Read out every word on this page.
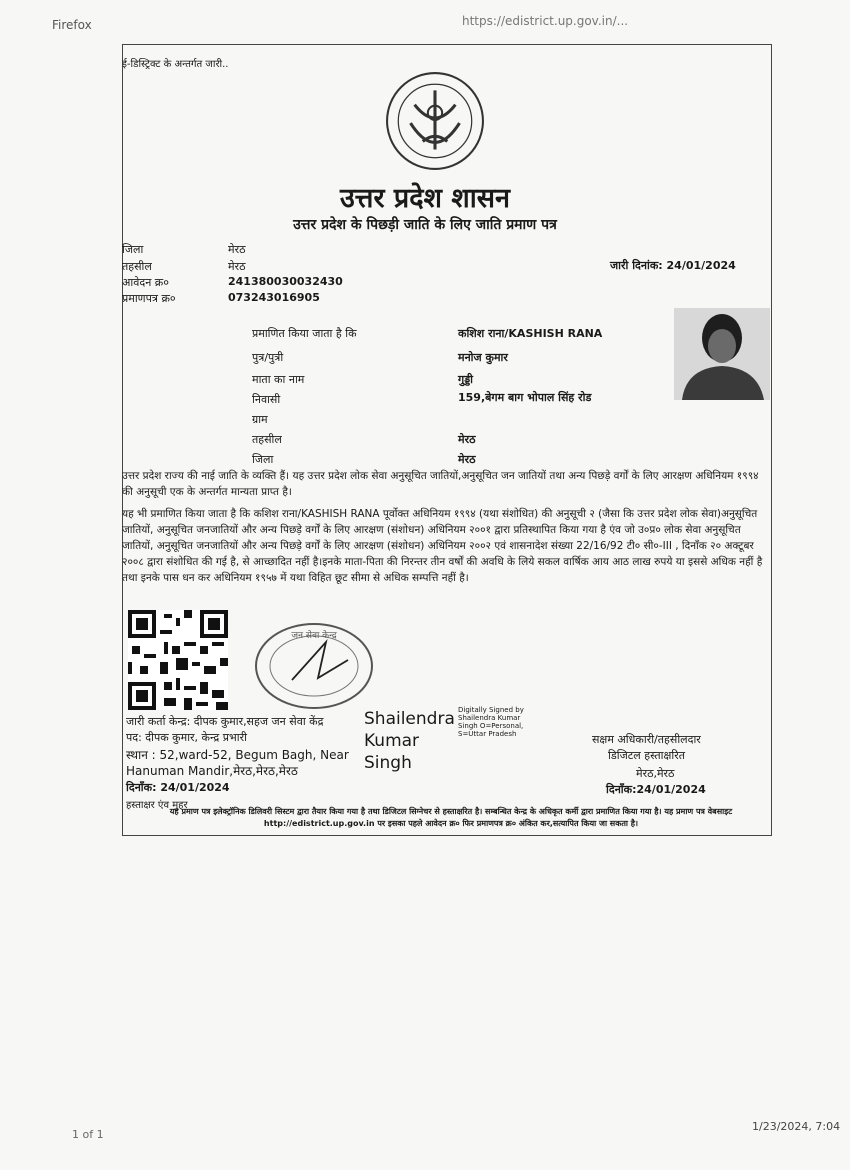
Firefox	https://edistrict.up.gov.in/...
ई-डिस्ट्रिक्ट के अन्तर्गत जारी..
उत्तर प्रदेश शासन
उत्तर प्रदेश के पिछड़ी जाति के लिए जाति प्रमाण पत्र
जिला	मेरठ
तहसील	मेरठ
आवेदन क्र०	241380030032430
प्रमाणपत्र क्र०	073243016905
जारी दिनांक: 24/01/2024
प्रमाणित किया जाता है कि	कशिश राना/KASHISH RANA
पुत्र/पुत्री	मनोज कुमार
माता का नाम	गुड्डी
निवासी	159,बेगम बाग भोपाल सिंह रोड
ग्राम
तहसील	मेरठ
जिला	मेरठ
उत्तर प्रदेश राज्य की नाई जाति के व्यक्ति हैं। यह उत्तर प्रदेश लोक सेवा अनुसूचित जातियों,अनुसूचित जन जातियों तथा अन्य पिछड़े वर्गों के लिए आरक्षण अधिनियम १९९४ की अनुसूची एक के अन्तर्गत मान्यता प्राप्त है।
यह भी प्रमाणित किया जाता है कि कशिश राना/KASHISH RANA पूर्वोक्त अधिनियम १९९४ (यथा संशोधित) की अनुसूची २ (जैसा कि उत्तर प्रदेश लोक सेवा)अनुसूचित जातियों, अनुसूचित जनजातियों और अन्य पिछड़े वर्गों के लिए आरक्षण (संशोधन) अधिनियम २००१ द्वारा प्रतिस्थापित किया गया है एंव जो उ०प्र० लोक सेवा अनुसूचित जातियों, अनुसूचित जनजातियों और अन्य पिछड़े वर्गों के लिए आरक्षण (संशोधन) अधिनियम २००२ एवं शासनादेश संख्या 22/16/92 टी० सी०-III , दिनाँक २० अक्टूबर २००८ द्वारा संशोधित की गई है, से आच्छादित नहीं है।इनके माता-पिता की निरन्तर तीन वर्षों की अवधि के लिये सकल वार्षिक आय आठ लाख रुपये या इससे अधिक नहीं है तथा इनके पास धन कर अधिनियम १९५७ में यथा विहित छूट सीमा से अधिक सम्पत्ति नहीं है।
जन सेवा केन्द्र
Shailendra Kumar Singh
Digitally Signed by Shailendra Kumar Singh O=Personal, S=Uttar Pradesh
जारी कर्ता केन्द्र: दीपक कुमार,सहज जन सेवा केंद्र
पद: दीपक कुमार, केन्द्र प्रभारी
स्थान : 52,ward-52, Begum Bagh, Near
Hanuman Mandir,मेरठ,मेरठ,मेरठ
दिनाँक: 24/01/2024
हस्ताक्षर एंव मुहर
सक्षम अधिकारी/तहसीलदार
डिजिटल हस्ताक्षरित
मेरठ,मेरठ
दिनाँक:24/01/2024
यह प्रमाण पत्र इलेक्ट्रॉनिक डिलिवरी सिस्टम द्वारा तैयार किया गया है तथा डिजिटल सिग्नेचर से हस्ताक्षरित है। सम्बन्धित केन्द्र के अधिकृत कर्मी द्वारा प्रमाणित किया गया है। यह प्रमाण पत्र वेबसाइट http://edistrict.up.gov.in पर इसका पहले आवेदन क्र० फिर प्रमाणपत्र क्र० अंकित कर,सत्यापित किया जा सकता है।
1 of 1
1/23/2024, 7:04
